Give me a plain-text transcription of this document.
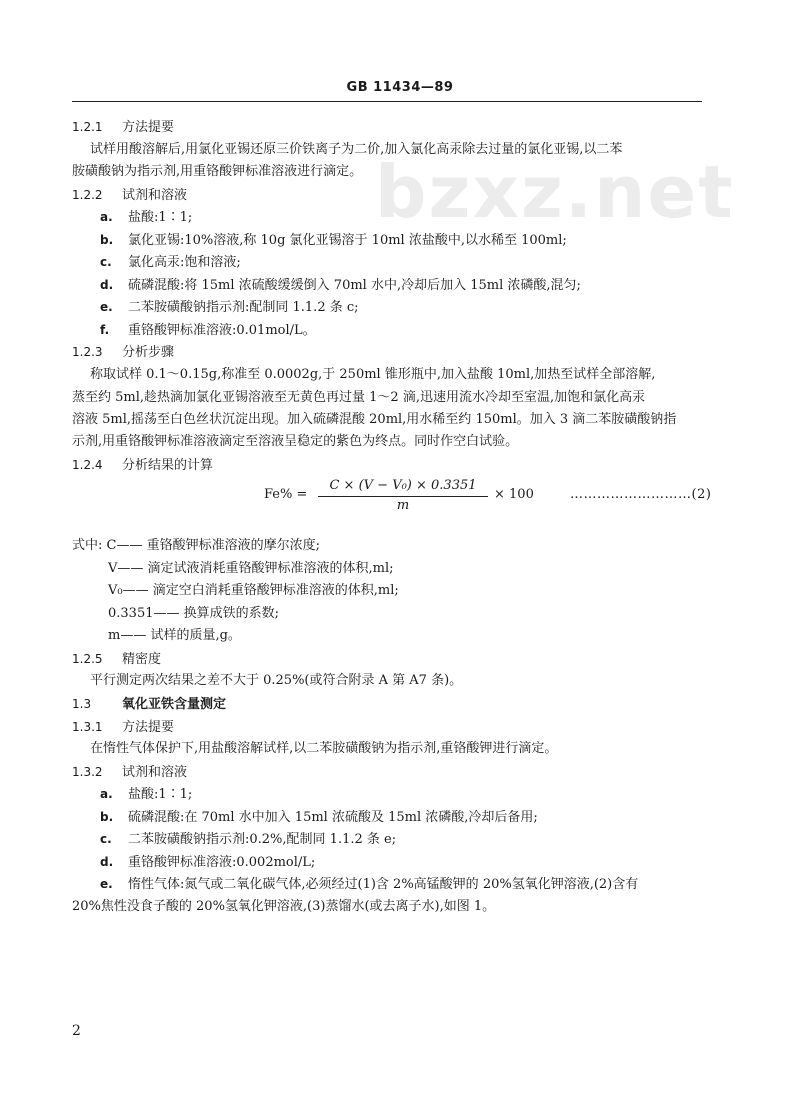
bzxz.net
GB 11434—89
1.2.1 方法提要
试样用酸溶解后,用氯化亚锡还原三价铁离子为二价,加入氯化高汞除去过量的氯化亚锡,以二苯
胺磺酸钠为指示剂,用重铬酸钾标准溶液进行滴定。
1.2.2 试剂和溶液
a. 盐酸:1∶1;
b. 氯化亚锡:10%溶液,称 10g 氯化亚锡溶于 10ml 浓盐酸中,以水稀至 100ml;
c. 氯化高汞:饱和溶液;
d. 硫磷混酸:将 15ml 浓硫酸缓缓倒入 70ml 水中,冷却后加入 15ml 浓磷酸,混匀;
e. 二苯胺磺酸钠指示剂:配制同 1.1.2 条 c;
f. 重铬酸钾标准溶液:0.01mol/L。
1.2.3 分析步骤
称取试样 0.1～0.15g,称准至 0.0002g,于 250ml 锥形瓶中,加入盐酸 10ml,加热至试样全部溶解,
蒸至约 5ml,趁热滴加氯化亚锡溶液至无黄色再过量 1～2 滴,迅速用流水冷却至室温,加饱和氯化高汞
溶液 5ml,摇荡至白色丝状沉淀出现。加入硫磷混酸 20ml,用水稀至约 150ml。加入 3 滴二苯胺磺酸钠指
示剂,用重铬酸钾标准溶液滴定至溶液呈稳定的紫色为终点。同时作空白试验。
1.2.4 分析结果的计算
Fe% =
C × (V − V₀) × 0.3351
m
× 100	………………………(2)
式中: C—— 重铬酸钾标准溶液的摩尔浓度;
V—— 滴定试液消耗重铬酸钾标准溶液的体积,ml;
V₀—— 滴定空白消耗重铬酸钾标准溶液的体积,ml;
0.3351—— 换算成铁的系数;
m—— 试样的质量,g。
1.2.5 精密度
平行测定两次结果之差不大于 0.25%(或符合附录 A 第 A7 条)。
1.3 氧化亚铁含量测定
1.3.1 方法提要
在惰性气体保护下,用盐酸溶解试样,以二苯胺磺酸钠为指示剂,重铬酸钾进行滴定。
1.3.2 试剂和溶液
a. 盐酸:1∶1;
b. 硫磷混酸:在 70ml 水中加入 15ml 浓硫酸及 15ml 浓磷酸,冷却后备用;
c. 二苯胺磺酸钠指示剂:0.2%,配制同 1.1.2 条 e;
d. 重铬酸钾标准溶液:0.002mol/L;
e. 惰性气体:氮气或二氧化碳气体,必须经过(1)含 2%高锰酸钾的 20%氢氧化钾溶液,(2)含有
20%焦性没食子酸的 20%氢氧化钾溶液,(3)蒸馏水(或去离子水),如图 1。
2
